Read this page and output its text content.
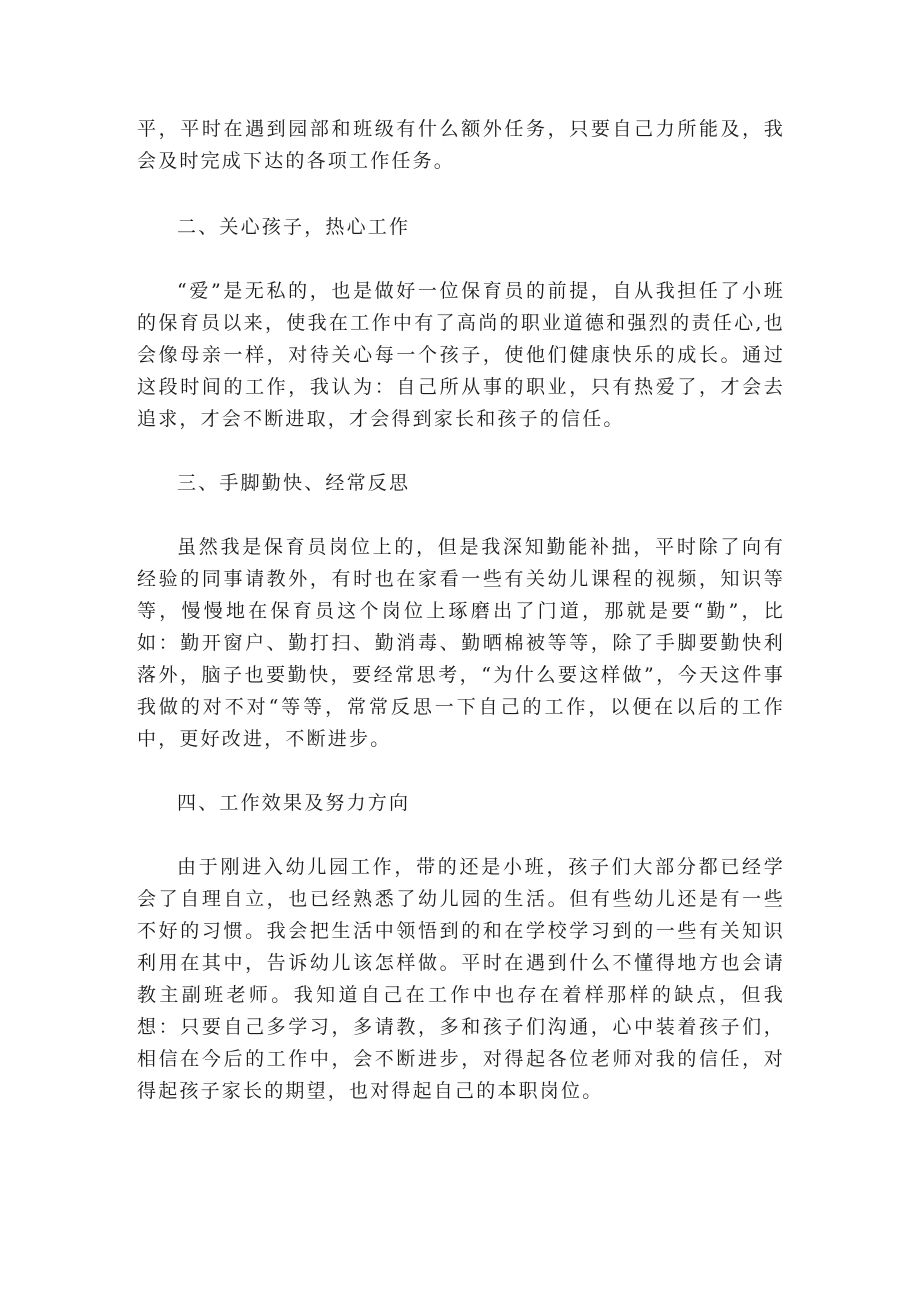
平，平时在遇到园部和班级有什么额外任务，只要自己力所能及，我会及时完成下达的各项工作任务。

二、关心孩子，热心工作

“爱”是无私的，也是做好一位保育员的前提，自从我担任了小班的保育员以来，使我在工作中有了高尚的职业道德和强烈的责任心,也会像母亲一样，对待关心每一个孩子，使他们健康快乐的成长。通过这段时间的工作，我认为：自己所从事的职业，只有热爱了，才会去追求，才会不断进取，才会得到家长和孩子的信任。

三、手脚勤快、经常反思

虽然我是保育员岗位上的，但是我深知勤能补拙，平时除了向有经验的同事请教外，有时也在家看一些有关幼儿课程的视频，知识等等，慢慢地在保育员这个岗位上琢磨出了门道，那就是要“勤”，比如：勤开窗户、勤打扫、勤消毒、勤晒棉被等等，除了手脚要勤快利落外，脑子也要勤快，要经常思考，“为什么要这样做”，今天这件事我做的对不对“等等，常常反思一下自己的工作，以便在以后的工作中，更好改进，不断进步。

四、工作效果及努力方向

由于刚进入幼儿园工作，带的还是小班，孩子们大部分都已经学会了自理自立，也已经熟悉了幼儿园的生活。但有些幼儿还是有一些不好的习惯。我会把生活中领悟到的和在学校学习到的一些有关知识利用在其中，告诉幼儿该怎样做。平时在遇到什么不懂得地方也会请教主副班老师。我知道自己在工作中也存在着样那样的缺点，但我想：只要自己多学习，多请教，多和孩子们沟通，心中装着孩子们，相信在今后的工作中，会不断进步，对得起各位老师对我的信任，对得起孩子家长的期望，也对得起自己的本职岗位。
